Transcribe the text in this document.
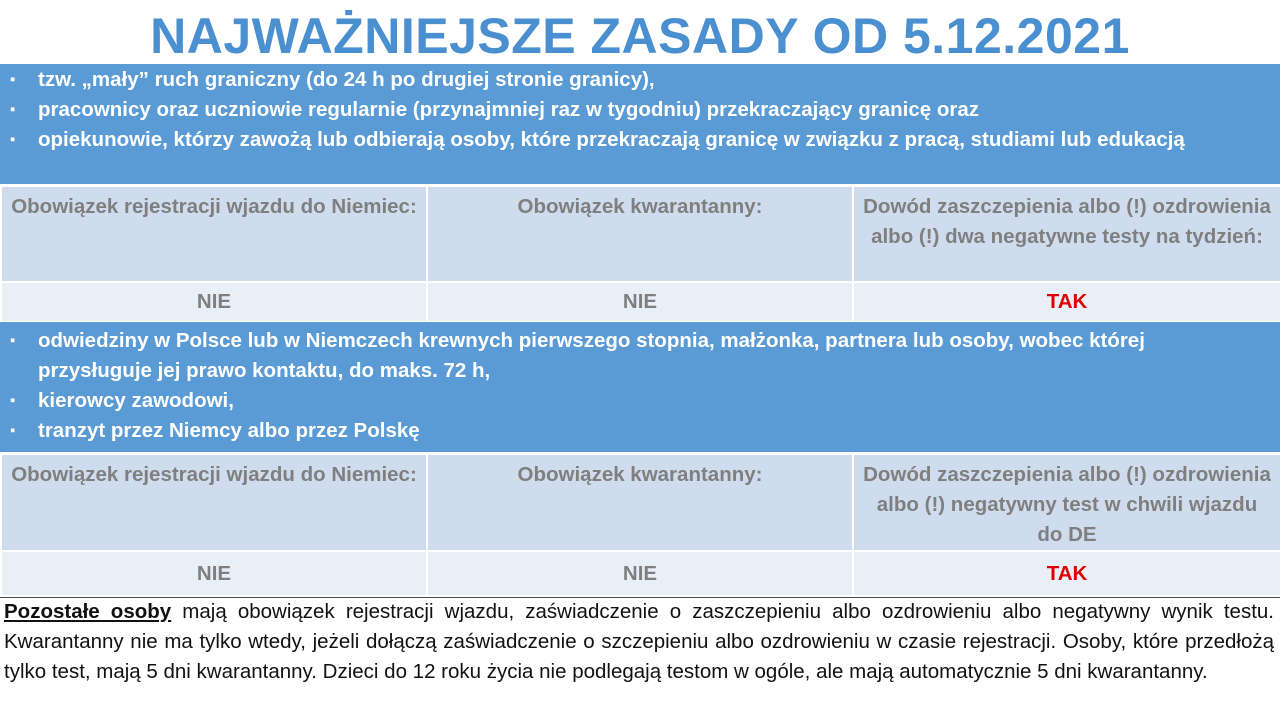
NAJWAŻNIEJSZE ZASADY OD 5.12.2021
▪ tzw. „mały” ruch graniczny (do 24 h po drugiej stronie granicy),
▪ pracownicy oraz uczniowie regularnie (przynajmniej raz w tygodniu) przekraczający granicę oraz
▪ opiekunowie, którzy zawożą lub odbierają osoby, które przekraczają granicę w związku z pracą, studiami lub edukacją
Obowiązek rejestracji wjazdu do Niemiec:	Obowiązek kwarantanny:	Dowód zaszczepienia albo (!) ozdrowienia albo (!) dwa negatywne testy na tydzień:
NIE	NIE	TAK
▪ odwiedziny w Polsce lub w Niemczech krewnych pierwszego stopnia, małżonka, partnera lub osoby, wobec której przysługuje jej prawo kontaktu, do maks. 72 h,
▪ kierowcy zawodowi,
▪ tranzyt przez Niemcy albo przez Polskę
Obowiązek rejestracji wjazdu do Niemiec:	Obowiązek kwarantanny:	Dowód zaszczepienia albo (!) ozdrowienia albo (!) negatywny test w chwili wjazdu do DE
NIE	NIE	TAK
Pozostałe osoby mają obowiązek rejestracji wjazdu, zaświadczenie o zaszczepieniu albo ozdrowieniu albo negatywny wynik testu. Kwarantanny nie ma tylko wtedy, jeżeli dołączą zaświadczenie o szczepieniu albo ozdrowieniu w czasie rejestracji. Osoby, które przedłożą tylko test, mają 5 dni kwarantanny. Dzieci do 12 roku życia nie podlegają testom w ogóle, ale mają automatycznie 5 dni kwarantanny.
